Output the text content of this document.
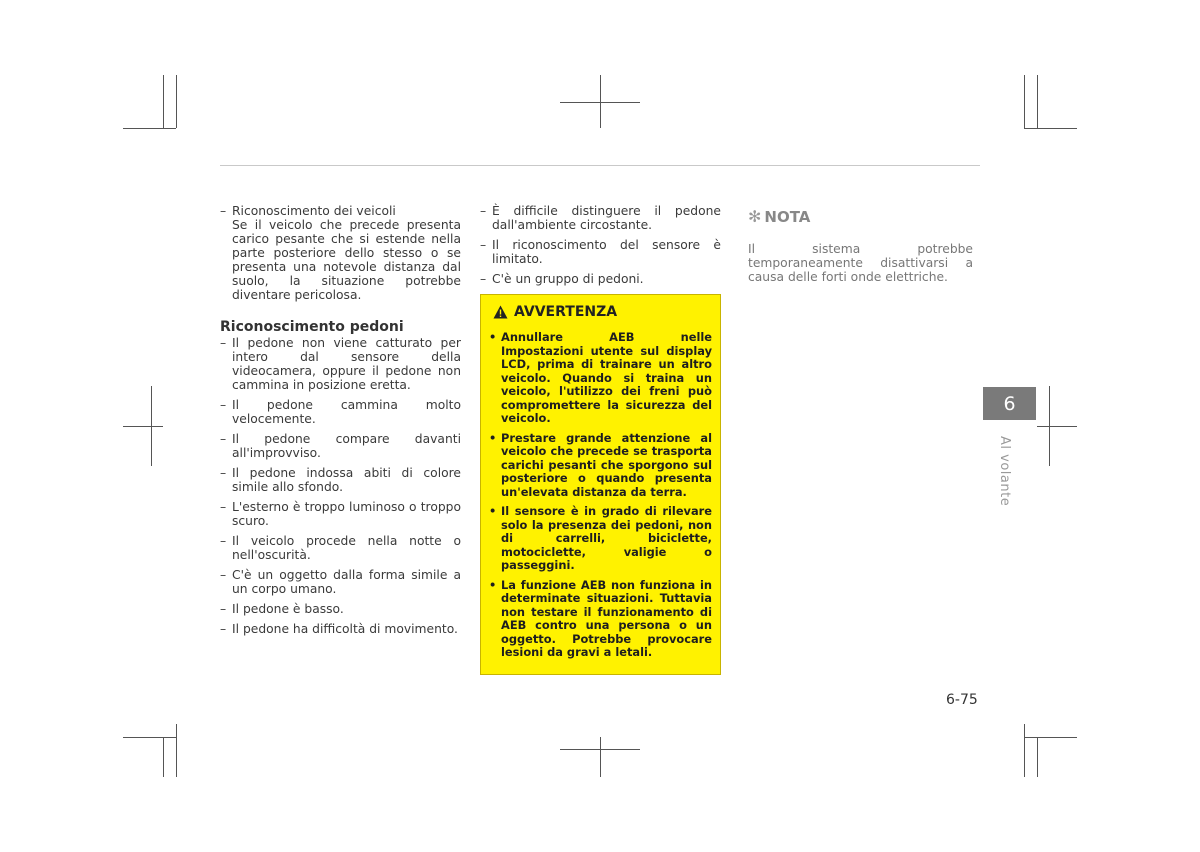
– Riconoscimento dei veicoli
Se il veicolo che precede presenta carico pesante che si estende nella parte posteriore dello stesso o se presenta una notevole distanza dal suolo, la situazione potrebbe diventare pericolosa.
Riconoscimento pedoni
– Il pedone non viene catturato per intero dal sensore della videocamera, oppure il pedone non cammina in posizione eretta.
– Il pedone cammina molto velocemente.
– Il pedone compare davanti all'improvviso.
– Il pedone indossa abiti di colore simile allo sfondo.
– L'esterno è troppo luminoso o troppo scuro.
– Il veicolo procede nella notte o nell'oscurità.
– C'è un oggetto dalla forma simile a un corpo umano.
– Il pedone è basso.
– Il pedone ha difficoltà di movimento.
– È difficile distinguere il pedone dall'ambiente circostante.
– Il riconoscimento del sensore è limitato.
– C'è un gruppo di pedoni.
AVVERTENZA
• Annullare AEB nelle Impostazioni utente sul display LCD, prima di trainare un altro veicolo. Quando si traina un veicolo, l'utilizzo dei freni può compromettere la sicurezza del veicolo.
• Prestare grande attenzione al veicolo che precede se trasporta carichi pesanti che sporgono sul posteriore o quando presenta un'elevata distanza da terra.
• Il sensore è in grado di rilevare solo la presenza dei pedoni, non di carrelli, biciclette, motociclette, valigie o passeggini.
• La funzione AEB non funziona in determinate situazioni. Tuttavia non testare il funzionamento di AEB contro una persona o un oggetto. Potrebbe provocare lesioni da gravi a letali.
✻ NOTA
Il sistema potrebbe temporaneamente disattivarsi a causa delle forti onde elettriche.
6
Al volante
6-75
